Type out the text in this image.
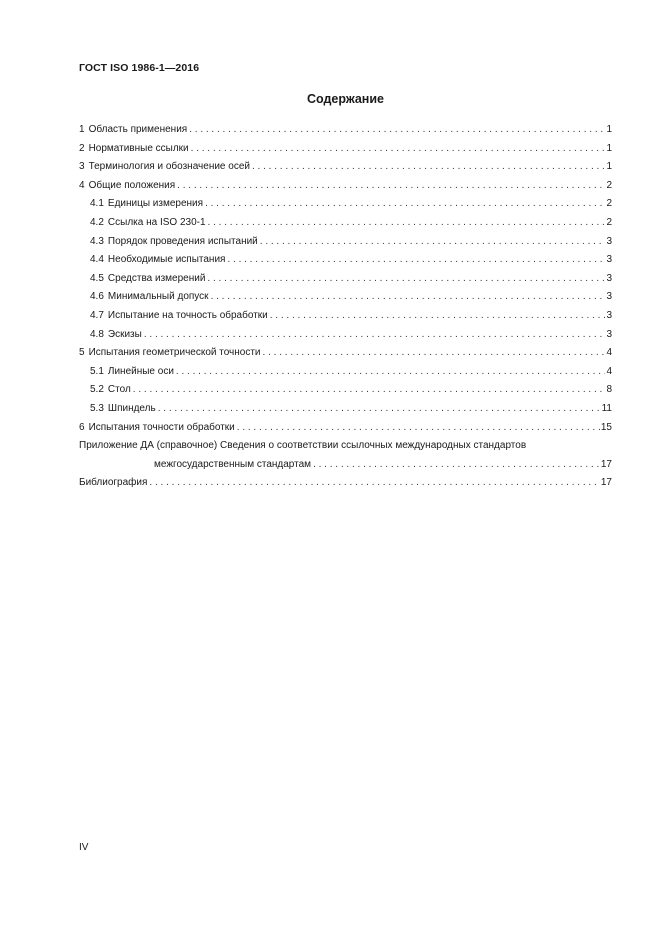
ГОСТ ISO 1986-1—2016
Содержание
1 Область применения . . .	1
2 Нормативные ссылки . . .	1
3 Терминология и обозначение осей . . .	1
4 Общие положения . . .	2
4.1 Единицы измерения . . .	2
4.2 Ссылка на ISO 230-1 . . .	2
4.3 Порядок проведения испытаний . . .	3
4.4 Необходимые испытания . . .	3
4.5 Средства измерений . . .	3
4.6 Минимальный допуск . . .	3
4.7 Испытание на точность обработки . . .	3
4.8 Эскизы . . .	3
5 Испытания геометрической точности . . .	4
5.1 Линейные оси . . .	4
5.2 Стол . . .	8
5.3 Шпиндель . . .	11
6 Испытания точности обработки . . .	15
Приложение ДА (справочное) Сведения о соответствии ссылочных международных стандартов
межгосударственным стандартам . . .	17
Библиография . . .	17
IV
